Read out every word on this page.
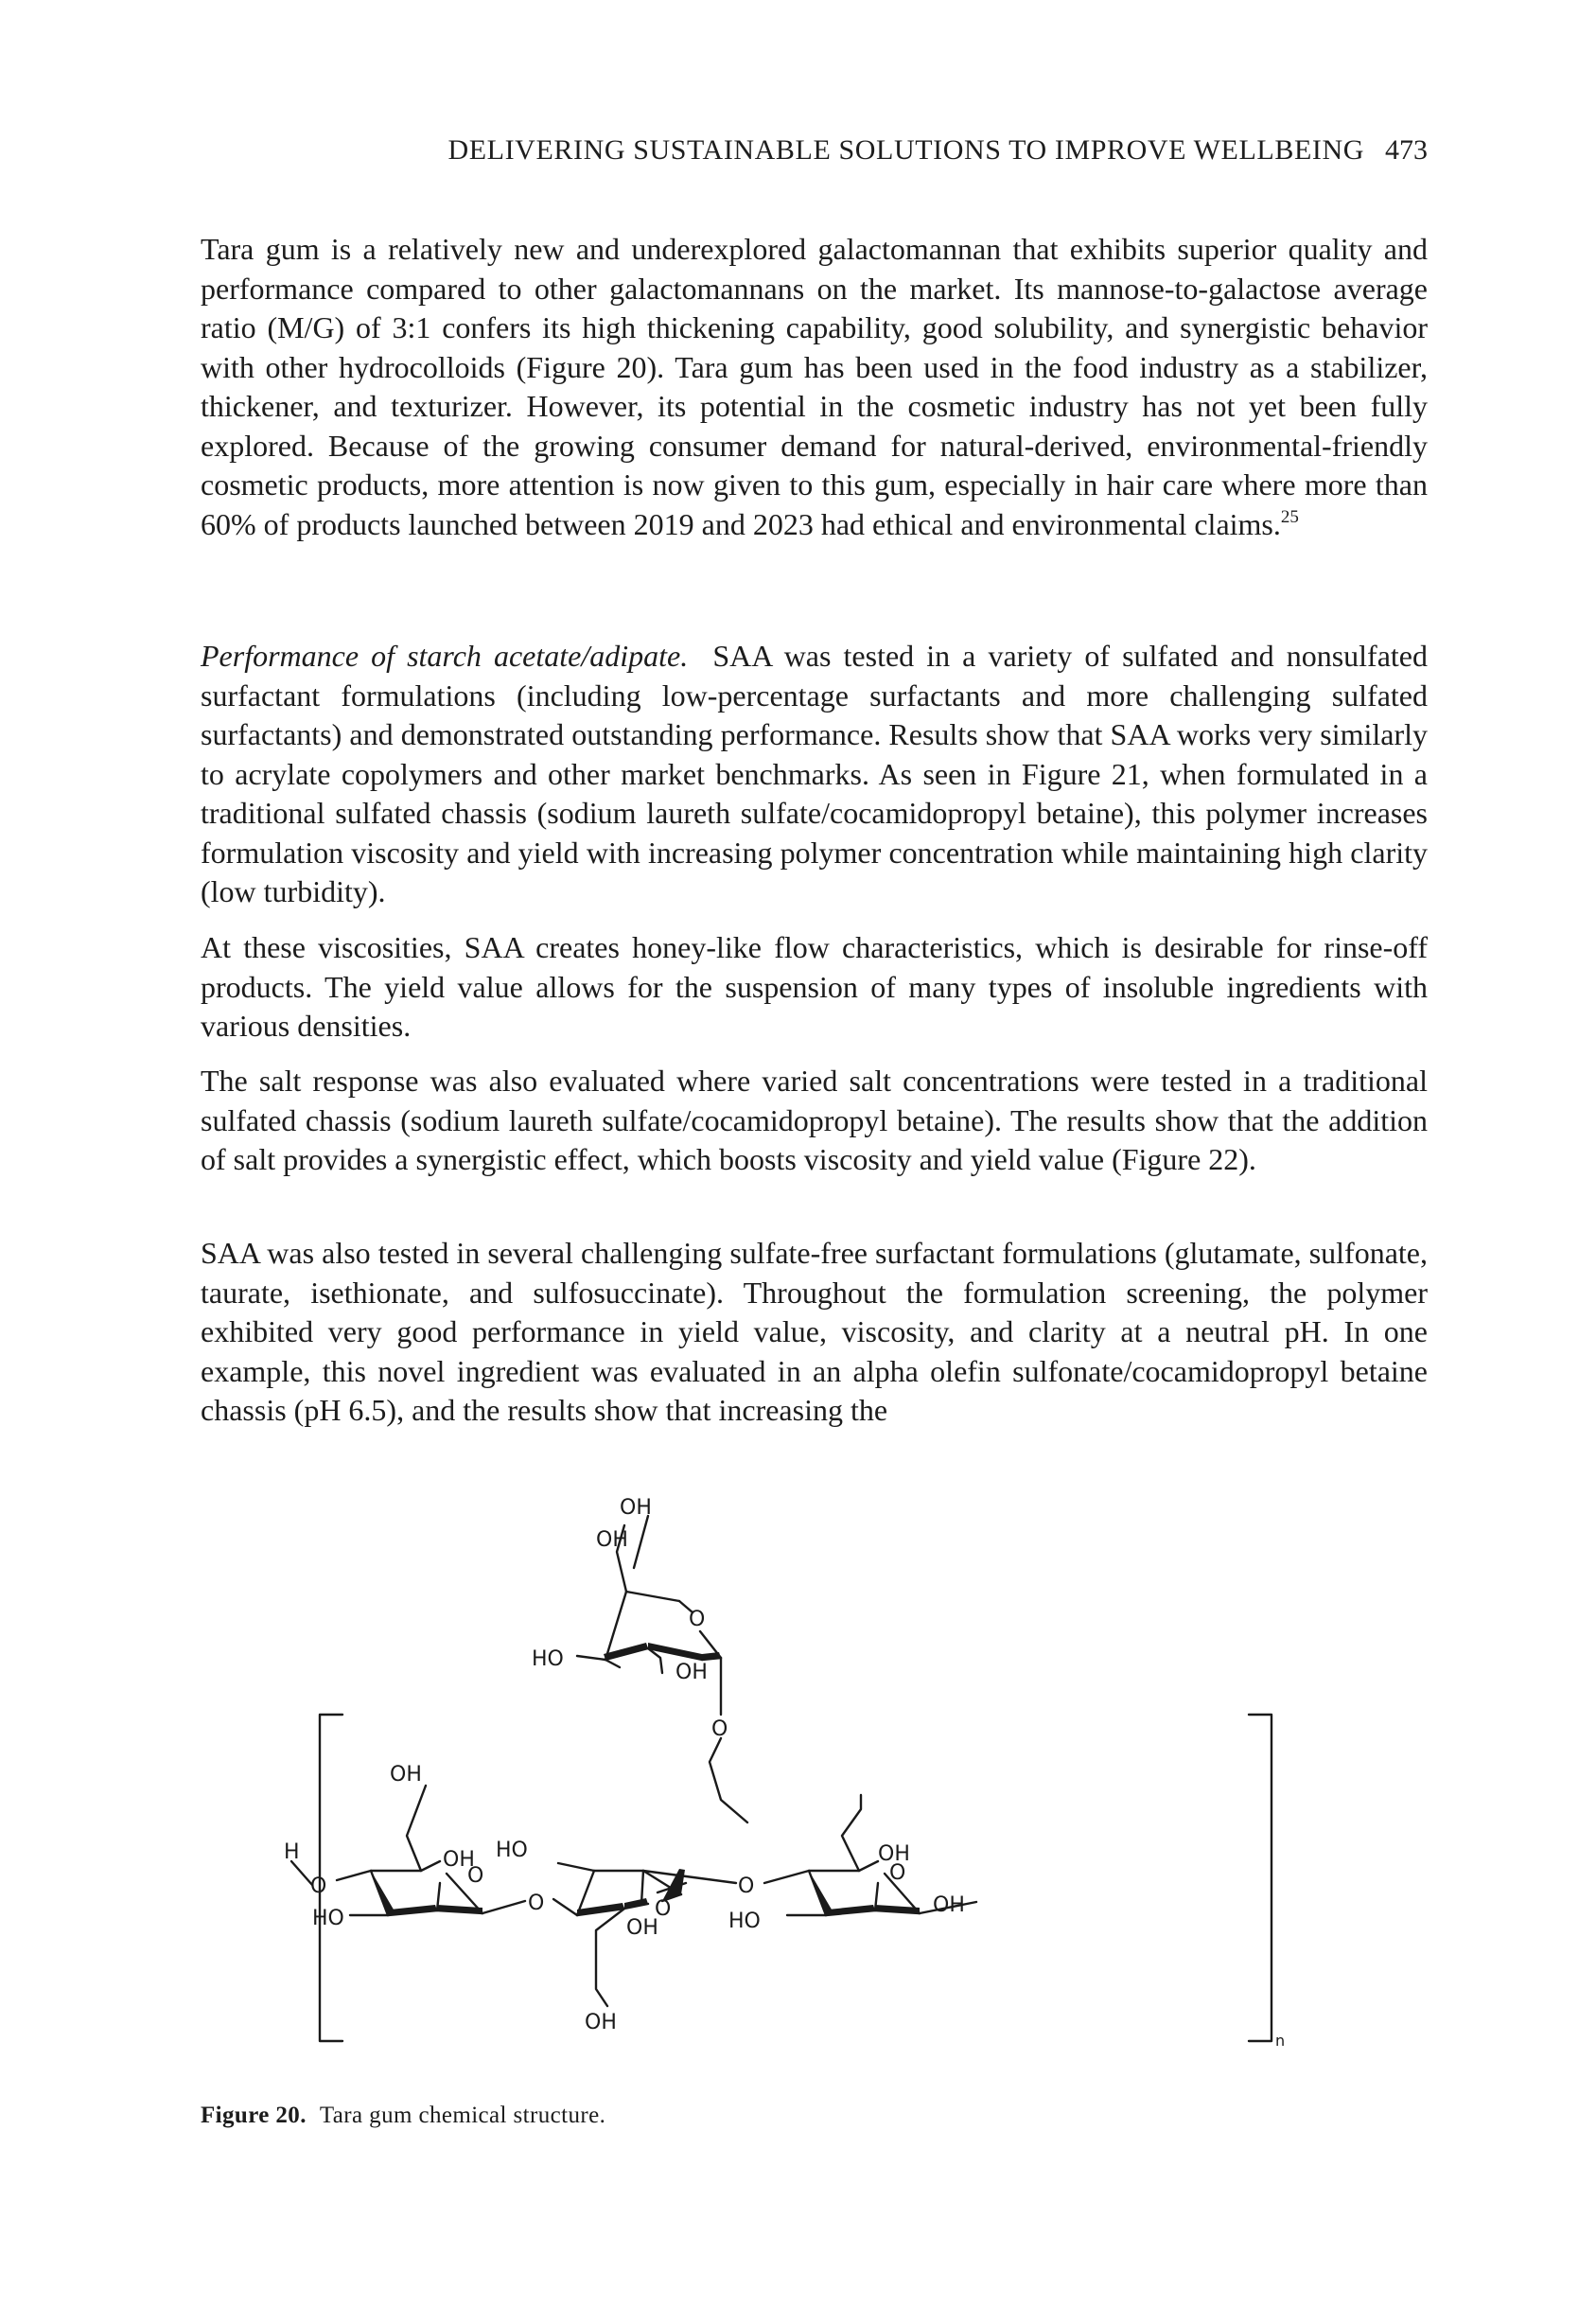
DELIVERING SUSTAINABLE SOLUTIONS TO IMPROVE WELLBEING 473

Tara gum is a relatively new and underexplored galactomannan that exhibits superior quality and performance compared to other galactomannans on the market. Its mannose-to-galactose average ratio (M/G) of 3:1 confers its high thickening capability, good solubility, and synergistic behavior with other hydrocolloids (Figure 20). Tara gum has been used in the food industry as a stabilizer, thickener, and texturizer. However, its potential in the cosmetic industry has not yet been fully explored. Because of the growing consumer demand for natural-derived, environmental-friendly cosmetic products, more attention is now given to this gum, especially in hair care where more than 60% of products launched between 2019 and 2023 had ethical and environmental claims.$^{25}$

Performance of starch acetate/adipate. SAA was tested in a variety of sulfated and nonsulfated surfactant formulations (including low-percentage surfactants and more challenging sulfated surfactants) and demonstrated outstanding performance. Results show that SAA works very similarly to acrylate copolymers and other market benchmarks. As seen in Figure 21, when formulated in a traditional sulfated chassis (sodium laureth sulfate/cocamidopropyl betaine), this polymer increases formulation viscosity and yield with increasing polymer concentration while maintaining high clarity (low turbidity).

At these viscosities, SAA creates honey-like flow characteristics, which is desirable for rinse-off products. The yield value allows for the suspension of many types of insoluble ingredients with various densities.

The salt response was also evaluated where varied salt concentrations were tested in a traditional sulfated chassis (sodium laureth sulfate/cocamidopropyl betaine). The results show that the addition of salt provides a synergistic effect, which boosts viscosity and yield value (Figure 22).

SAA was also tested in several challenging sulfate-free surfactant formulations (glutamate, sulfonate, taurate, isethionate, and sulfosuccinate). Throughout the formulation screening, the polymer exhibited very good performance in yield value, viscosity, and clarity at a neutral pH. In one example, this novel ingredient was evaluated in an alpha olefin sulfonate/cocamidopropyl betaine chassis (pH 6.5), and the results show that increasing the

H
O
HO
OH
OH
O
O
HO
O
OH
OH
O
HO
OH
O
OH
OH
OH
O
HO
OH
O
n
Figure 20. Tara gum chemical structure.
